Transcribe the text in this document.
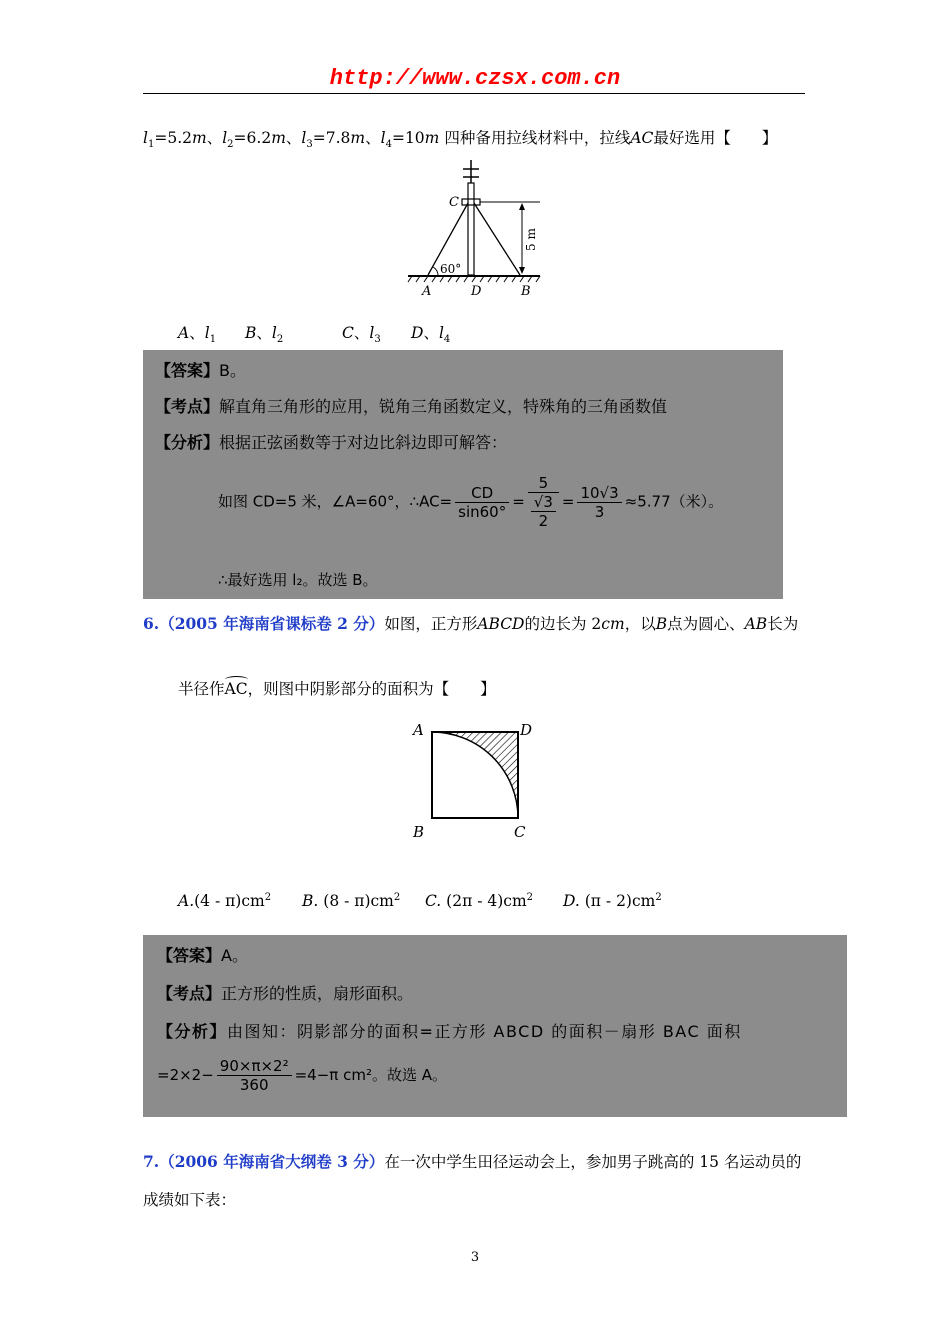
http://www.czsx.com.cn
$l_1=5.2m$、$l_2=6.2m$、$l_3=7.8m$、$l_4=10m$ 四种备用拉线材料中，拉线AC最好选用【　　】
C
60°
A	D	B
5 m
A、$l_1$ B、$l_2$	C、$l_3$ D、$l_4$
【答案】B。
【考点】解直角三角形的应用，锐角三角函数定义，特殊角的三角函数值
【分析】根据正弦函数等于对边比斜边即可解答：
如图 CD=5 米，∠A=60°，∴AC= $\frac{CD}{\sin 60^\circ} = \frac{5}{\frac{√3}{2}} = \frac{10√3}{3} \approx 5.77$（米）。
∴最好选用 l₂。故选 B。
6.（2005 年海南省课标卷 2 分）如图，正方形ABCD的边长为 2cm，以B点为圆心、AB长为
半径作
AC，则图中阴影部分的面积为【　　】
A	D
B	C
$A.(4 - \pi)cm^2$ B. $(8 - \pi)cm^2$ C. $(2\pi - 4)cm^2$ D. $(\pi - 2)cm^2$
【答案】A。
【考点】正方形的性质，扇形面积。
【分析】由图知：阴影部分的面积=正方形 ABCD 的面积－扇形 BAC 面积
$=2\times 2- \frac{\text{90×π×2²}}{360} =4-\pi$ cm²。故选 A。
7.（2006 年海南省大纲卷 3 分）在一次中学生田径运动会上，参加男子跳高的 15 名运动员的
成绩如下表：
3
